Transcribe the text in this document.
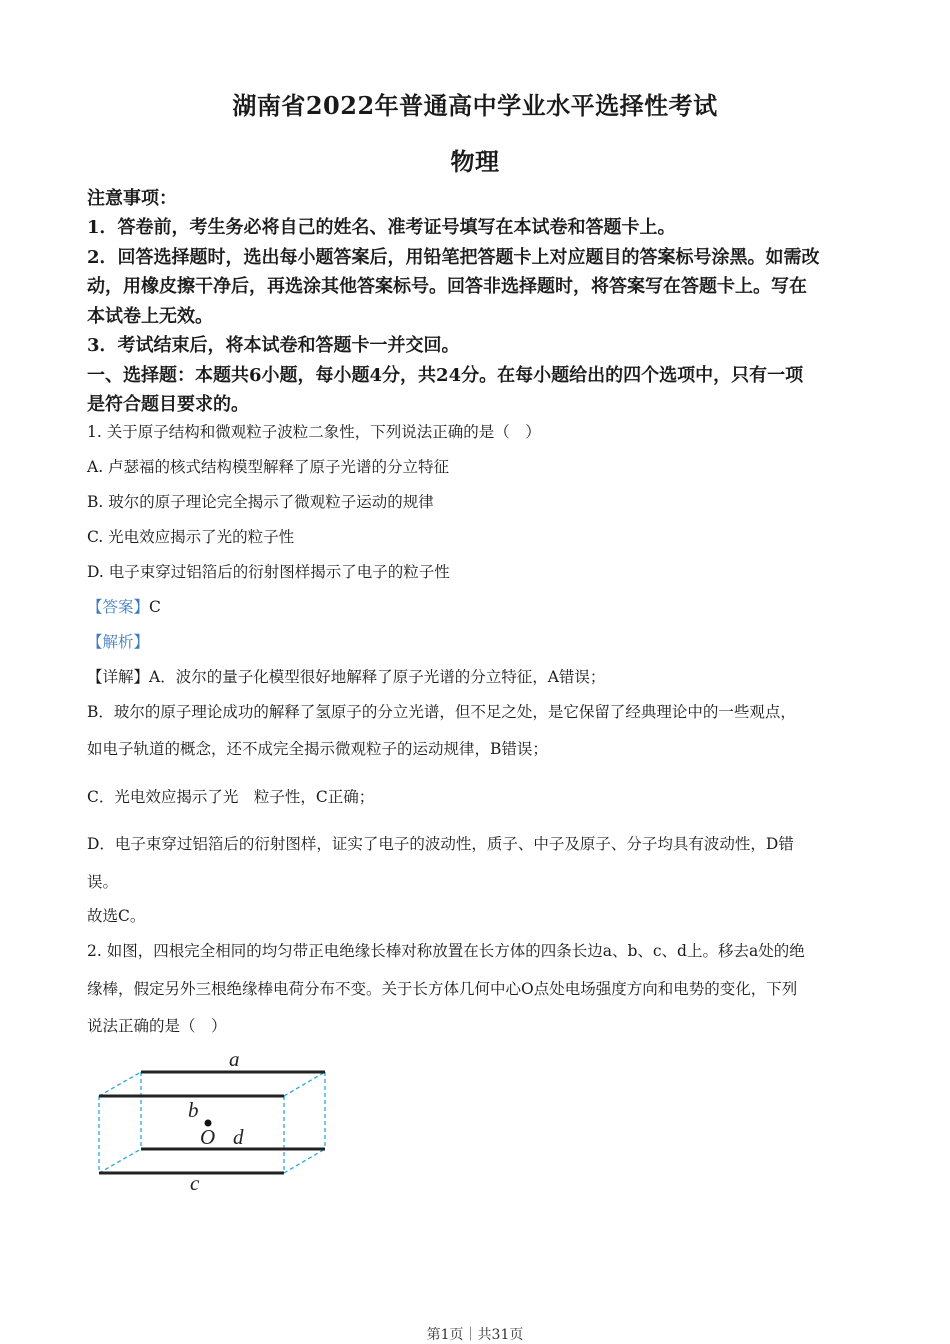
湖南省2022年普通高中学业水平选择性考试
物理
注意事项：
1．答卷前，考生务必将自己的姓名、准考证号填写在本试卷和答题卡上。
2．回答选择题时，选出每小题答案后，用铅笔把答题卡上对应题目的答案标号涂黑。如需改
动，用橡皮擦干净后，再选涂其他答案标号。回答非选择题时，将答案写在答题卡上。写在
本试卷上无效。
3．考试结束后，将本试卷和答题卡一并交回。
一、选择题：本题共6小题，每小题4分，共24分。在每小题给出的四个选项中，只有一项
是符合题目要求的。
1. 关于原子结构和微观粒子波粒二象性，下列说法正确的是（　）
A. 卢瑟福的核式结构模型解释了原子光谱的分立特征
B. 玻尔的原子理论完全揭示了微观粒子运动的规律
C. 光电效应揭示了光的粒子性
D. 电子束穿过铝箔后的衍射图样揭示了电子的粒子性
【答案】C
【解析】
【详解】A．波尔的量子化模型很好地解释了原子光谱的分立特征，A错误；
B．玻尔的原子理论成功的解释了氢原子的分立光谱，但不足之处，是它保留了经典理论中的一些观点，
如电子轨道的概念，还不成完全揭示微观粒子的运动规律，B错误；
C．光电效应揭示了光　粒子性，C正确；
D．电子束穿过铝箔后的衍射图样，证实了电子的波动性，质子、中子及原子、分子均具有波动性，D错
误。
故选C。
2. 如图，四根完全相同的均匀带正电绝缘长棒对称放置在长方体的四条长边a、b、c、d上。移去a处的绝
缘棒，假定另外三根绝缘棒电荷分布不变。关于长方体几何中心O点处电场强度方向和电势的变化，下列
说法正确的是（　）
a
b
O d
c
第1页｜共31页
